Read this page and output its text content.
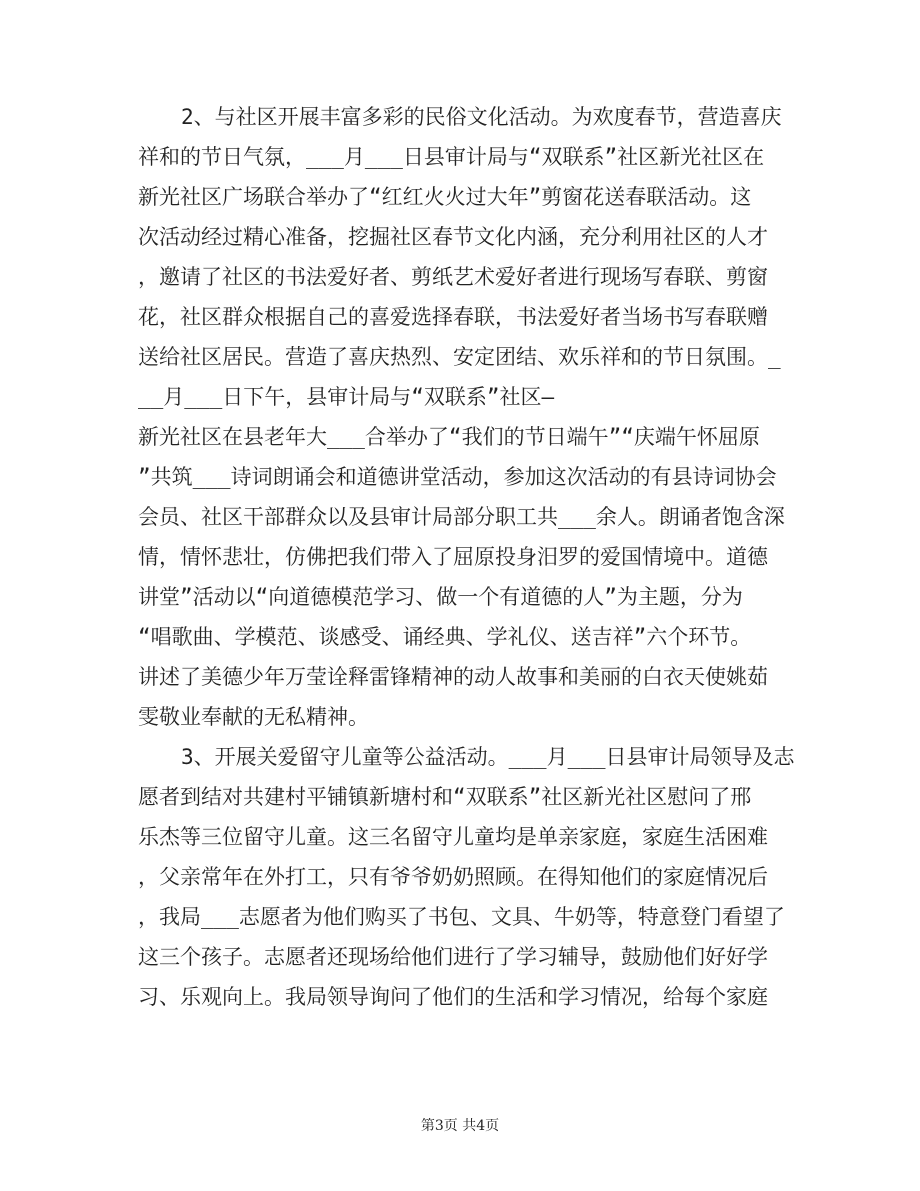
2、与社区开展丰富多彩的民俗文化活动。为欢度春节，营造喜庆
祥和的节日气氛，___月___日县审计局与“双联系”社区新光社区在
新光社区广场联合举办了“红红火火过大年”剪窗花送春联活动。这
次活动经过精心准备，挖掘社区春节文化内涵，充分利用社区的人才
，邀请了社区的书法爱好者、剪纸艺术爱好者进行现场写春联、剪窗
花，社区群众根据自己的喜爱选择春联，书法爱好者当场书写春联赠
送给社区居民。营造了喜庆热烈、安定团结、欢乐祥和的节日氛围。_
__月___日下午，县审计局与“双联系”社区—
新光社区在县老年大___合举办了“我们的节日端午”“庆端午怀屈原
”共筑___诗词朗诵会和道德讲堂活动，参加这次活动的有县诗词协会
会员、社区干部群众以及县审计局部分职工共___余人。朗诵者饱含深
情，情怀悲壮，仿佛把我们带入了屈原投身汨罗的爱国情境中。道德
讲堂”活动以“向道德模范学习、做一个有道德的人”为主题，分为
“唱歌曲、学模范、谈感受、诵经典、学礼仪、送吉祥”六个环节。
讲述了美德少年万莹诠释雷锋精神的动人故事和美丽的白衣天使姚茹
雯敬业奉献的无私精神。
3、开展关爱留守儿童等公益活动。___月___日县审计局领导及志
愿者到结对共建村平铺镇新塘村和“双联系”社区新光社区慰问了邢
乐杰等三位留守儿童。这三名留守儿童均是单亲家庭，家庭生活困难
，父亲常年在外打工，只有爷爷奶奶照顾。在得知他们的家庭情况后
，我局___志愿者为他们购买了书包、文具、牛奶等，特意登门看望了
这三个孩子。志愿者还现场给他们进行了学习辅导，鼓励他们好好学
习、乐观向上。我局领导询问了他们的生活和学习情况，给每个家庭
第3页 共4页
